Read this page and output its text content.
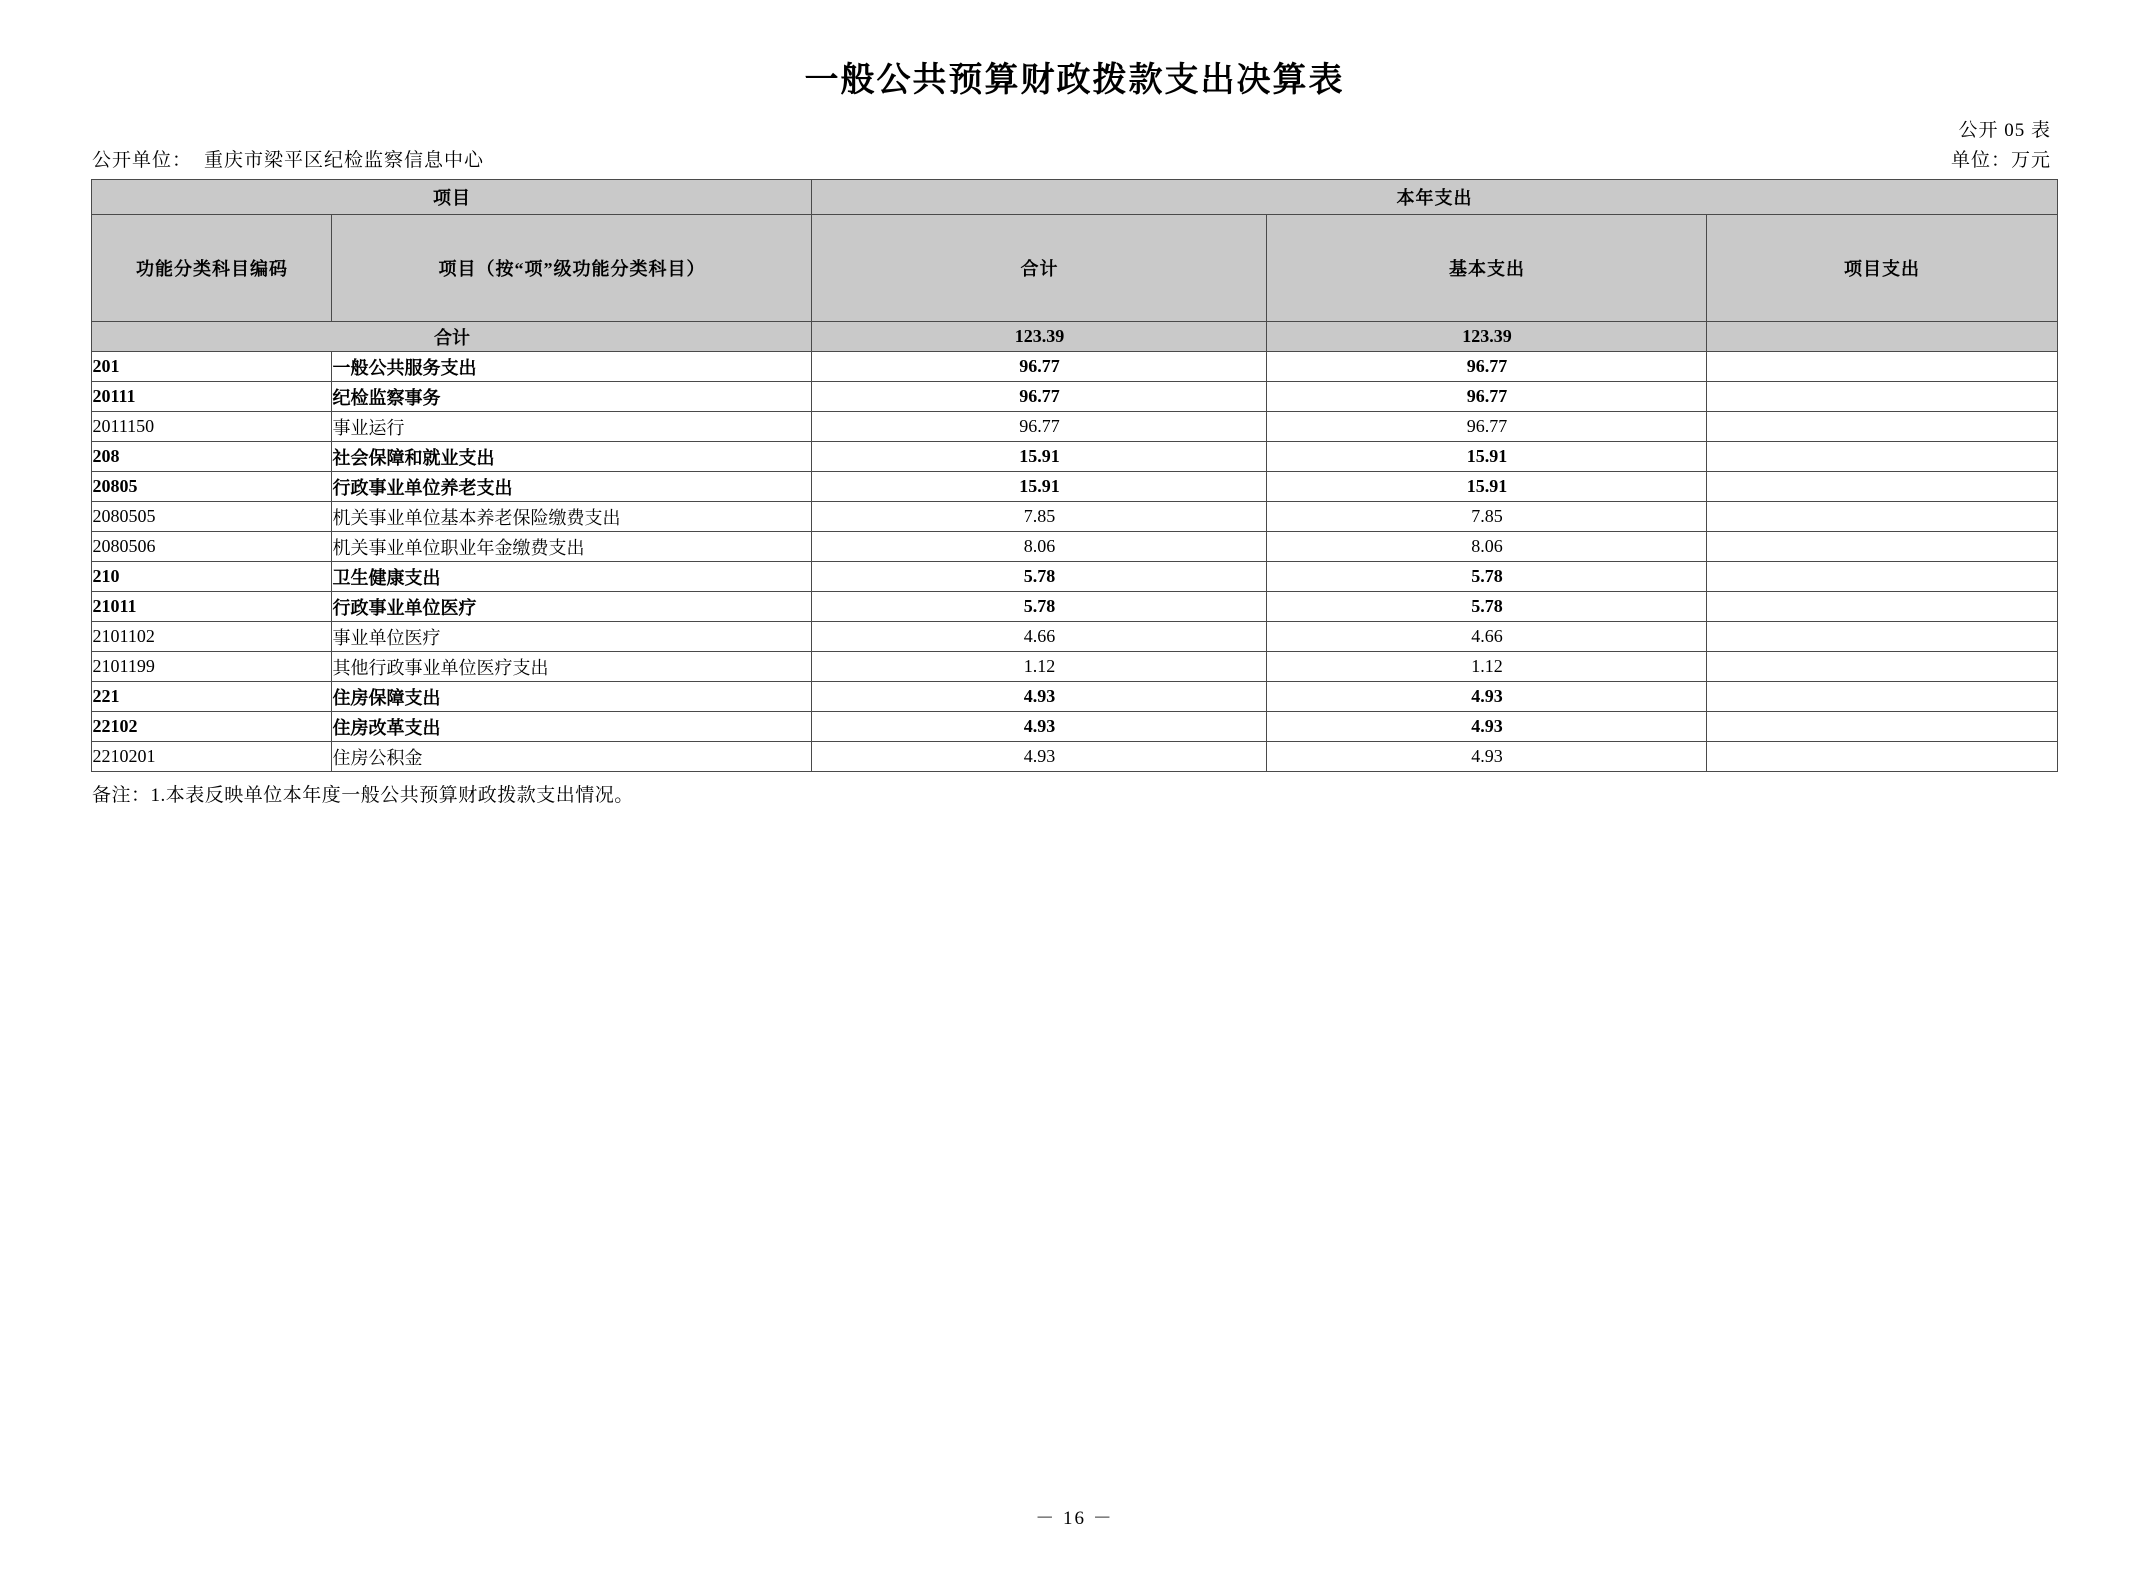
一般公共预算财政拨款支出决算表
公开 05 表
单位：万元
公开单位： 重庆市梁平区纪检监察信息中心
项目		本年支出		
功能分类科目编码	项目（按“项”级功能分类科目）	合计	基本支出	项目支出
合计		123.39	123.39	
201	一般公共服务支出	96.77	96.77	
20111	纪检监察事务	96.77	96.77	
2011150	事业运行	96.77	96.77	
208	社会保障和就业支出	15.91	15.91	
20805	行政事业单位养老支出	15.91	15.91	
2080505	机关事业单位基本养老保险缴费支出	7.85	7.85	
2080506	机关事业单位职业年金缴费支出	8.06	8.06	
210	卫生健康支出	5.78	5.78	
21011	行政事业单位医疗	5.78	5.78	
2101102	事业单位医疗	4.66	4.66	
2101199	其他行政事业单位医疗支出	1.12	1.12	
221	住房保障支出	4.93	4.93	
22102	住房改革支出	4.93	4.93	
2210201	住房公积金	4.93	4.93	
备注：1.本表反映单位本年度一般公共预算财政拨款支出情况。
－ 16 －
